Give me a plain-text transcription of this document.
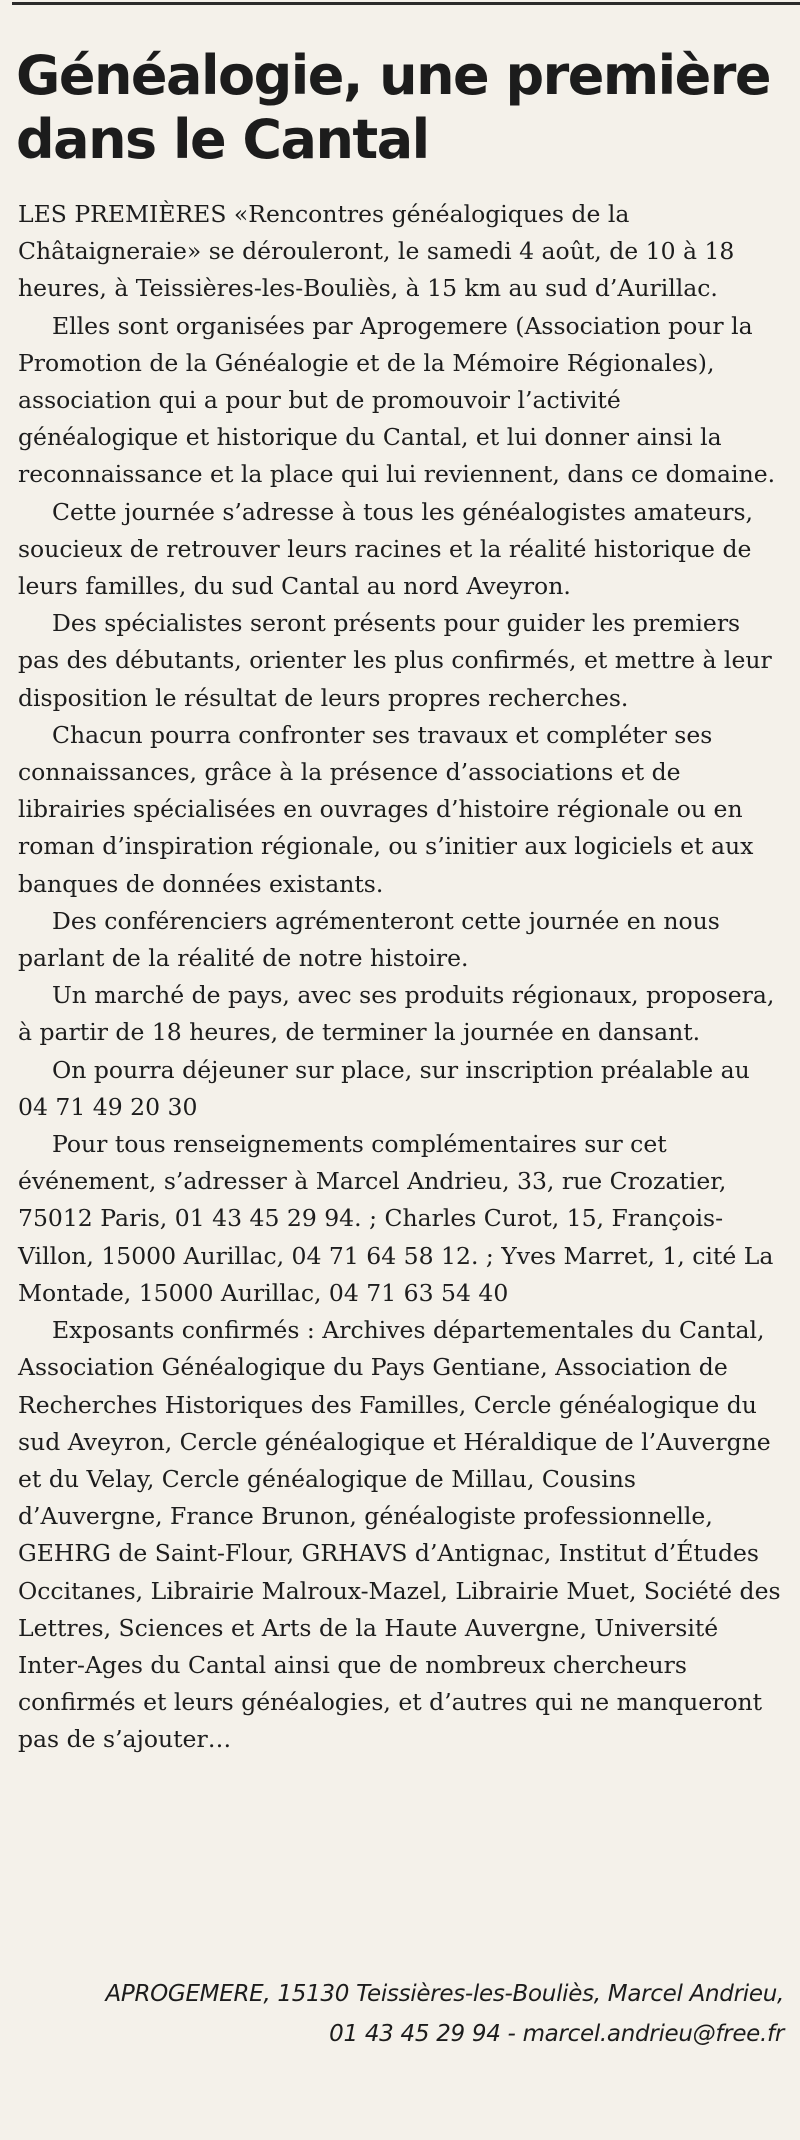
Généalogie, une première dans le Cantal

LES PREMIÈRES «Rencontres généalogiques de la Châtaigneraie» se dérouleront, le samedi 4 août, de 10 à 18 heures, à Teissières-les-Bouliès, à 15 km au sud d’Aurillac.

Elles sont organisées par Aprogemere (Association pour la Promotion de la Généalogie et de la Mémoire Régionales), association qui a pour but de promouvoir l’activité généalogique et historique du Cantal, et lui donner ainsi la reconnaissance et la place qui lui reviennent, dans ce domaine.

Cette journée s’adresse à tous les généalogistes amateurs, soucieux de retrouver leurs racines et la réalité historique de leurs familles, du sud Cantal au nord Aveyron.

Des spécialistes seront présents pour guider les premiers pas des débutants, orienter les plus confirmés, et mettre à leur disposition le résultat de leurs propres recherches.

Chacun pourra confronter ses travaux et compléter ses connaissances, grâce à la présence d’associations et de librairies spécialisées en ouvrages d’histoire régionale ou en roman d’inspiration régionale, ou s’initier aux logiciels et aux banques de données existants.

Des conférenciers agrémenteront cette journée en nous parlant de la réalité de notre histoire.

Un marché de pays, avec ses produits régionaux, proposera, à partir de 18 heures, de terminer la journée en dansant.

On pourra déjeuner sur place, sur inscription préalable au 04 71 49 20 30

Pour tous renseignements complémentaires sur cet événement, s’adresser à Marcel Andrieu, 33, rue Crozatier, 75012 Paris, 01 43 45 29 94. ; Charles Curot, 15, François-Villon, 15000 Aurillac, 04 71 64 58 12. ; Yves Marret, 1, cité La Montade, 15000 Aurillac, 04 71 63 54 40

Exposants confirmés : Archives départementales du Cantal, Association Généalogique du Pays Gentiane, Association de Recherches Historiques des Familles, Cercle généalogique du sud Aveyron, Cercle généalogique et Héraldique de l’Auvergne et du Velay, Cercle généalogique de Millau, Cousins d’Auvergne, France Brunon, généalogiste professionnelle, GEHRG de Saint-Flour, GRHAVS d’Antignac, Institut d’Études Occitanes, Librairie Malroux-Mazel, Librairie Muet, Société des Lettres, Sciences et Arts de la Haute Auvergne, Université Inter-Ages du Cantal ainsi que de nombreux chercheurs confirmés et leurs généalogies, et d’autres qui ne manqueront pas de s’ajouter…

APROGEMERE, 15130 Teissières-les-Bouliès, Marcel Andrieu,
01 43 45 29 94 - marcel.andrieu@free.fr
